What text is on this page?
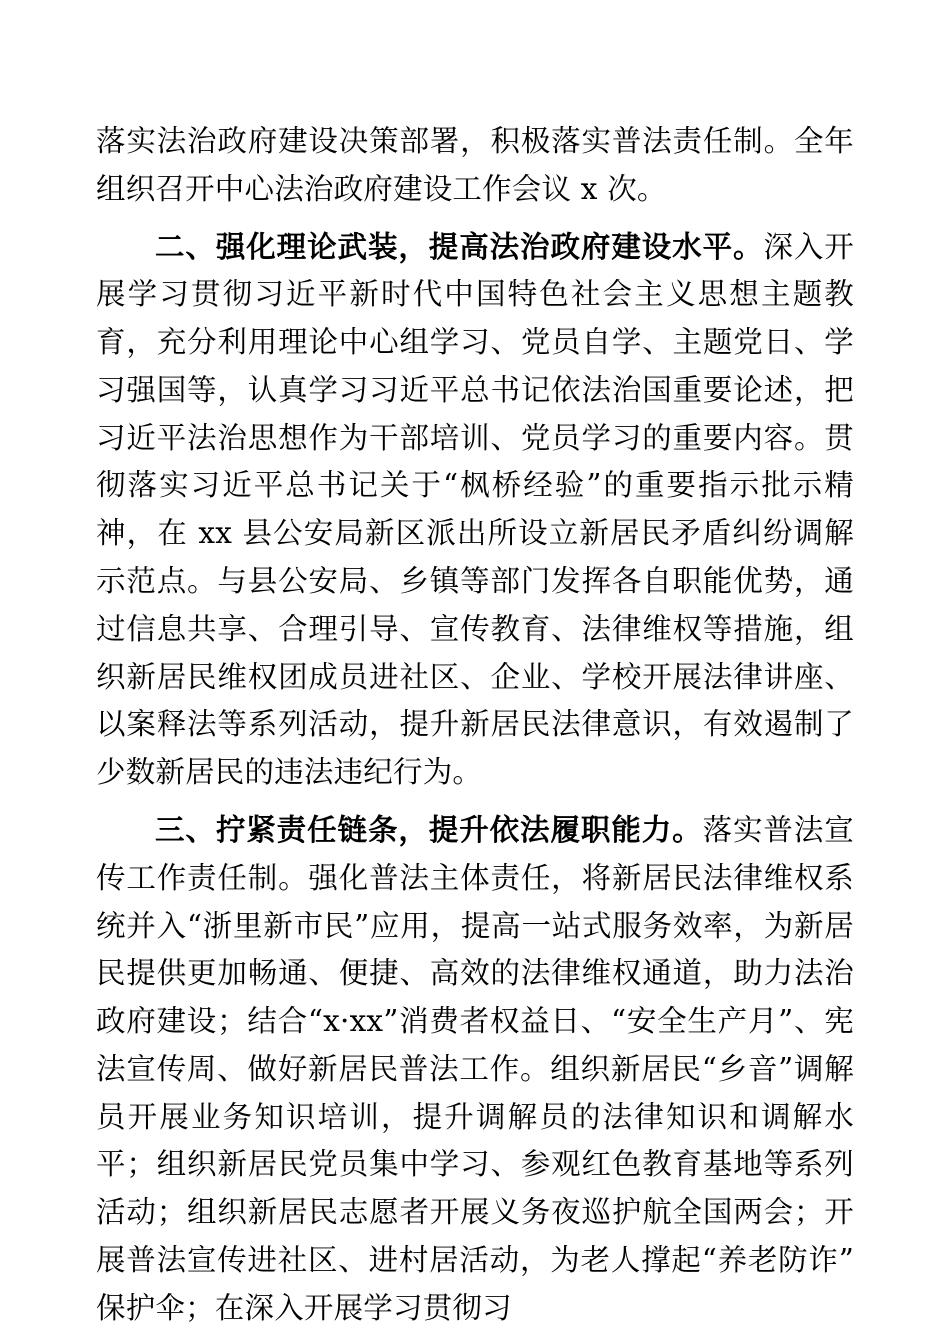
落实法治政府建设决策部署，积极落实普法责任制。全年组织召开中心法治政府建设工作会议 x 次。

二、强化理论武装，提高法治政府建设水平。深入开展学习贯彻习近平新时代中国特色社会主义思想主题教育，充分利用理论中心组学习、党员自学、主题党日、学习强国等，认真学习习近平总书记依法治国重要论述，把习近平法治思想作为干部培训、党员学习的重要内容。贯彻落实习近平总书记关于“枫桥经验”的重要指示批示精神，在 xx 县公安局新区派出所设立新居民矛盾纠纷调解示范点。与县公安局、乡镇等部门发挥各自职能优势，通过信息共享、合理引导、宣传教育、法律维权等措施，组织新居民维权团成员进社区、企业、学校开展法律讲座、以案释法等系列活动，提升新居民法律意识，有效遏制了少数新居民的违法违纪行为。

三、拧紧责任链条，提升依法履职能力。落实普法宣传工作责任制。强化普法主体责任，将新居民法律维权系统并入“浙里新市民”应用，提高一站式服务效率，为新居民提供更加畅通、便捷、高效的法律维权通道，助力法治政府建设；结合“x·xx”消费者权益日、“安全生产月”、宪法宣传周、做好新居民普法工作。组织新居民“乡音”调解员开展业务知识培训，提升调解员的法律知识和调解水平；组织新居民党员集中学习、参观红色教育基地等系列活动；组织新居民志愿者开展义务夜巡护航全国两会；开展普法宣传进社区、进村居活动，为老人撑起“养老防诈”保护伞；在深入开展学习贯彻习
